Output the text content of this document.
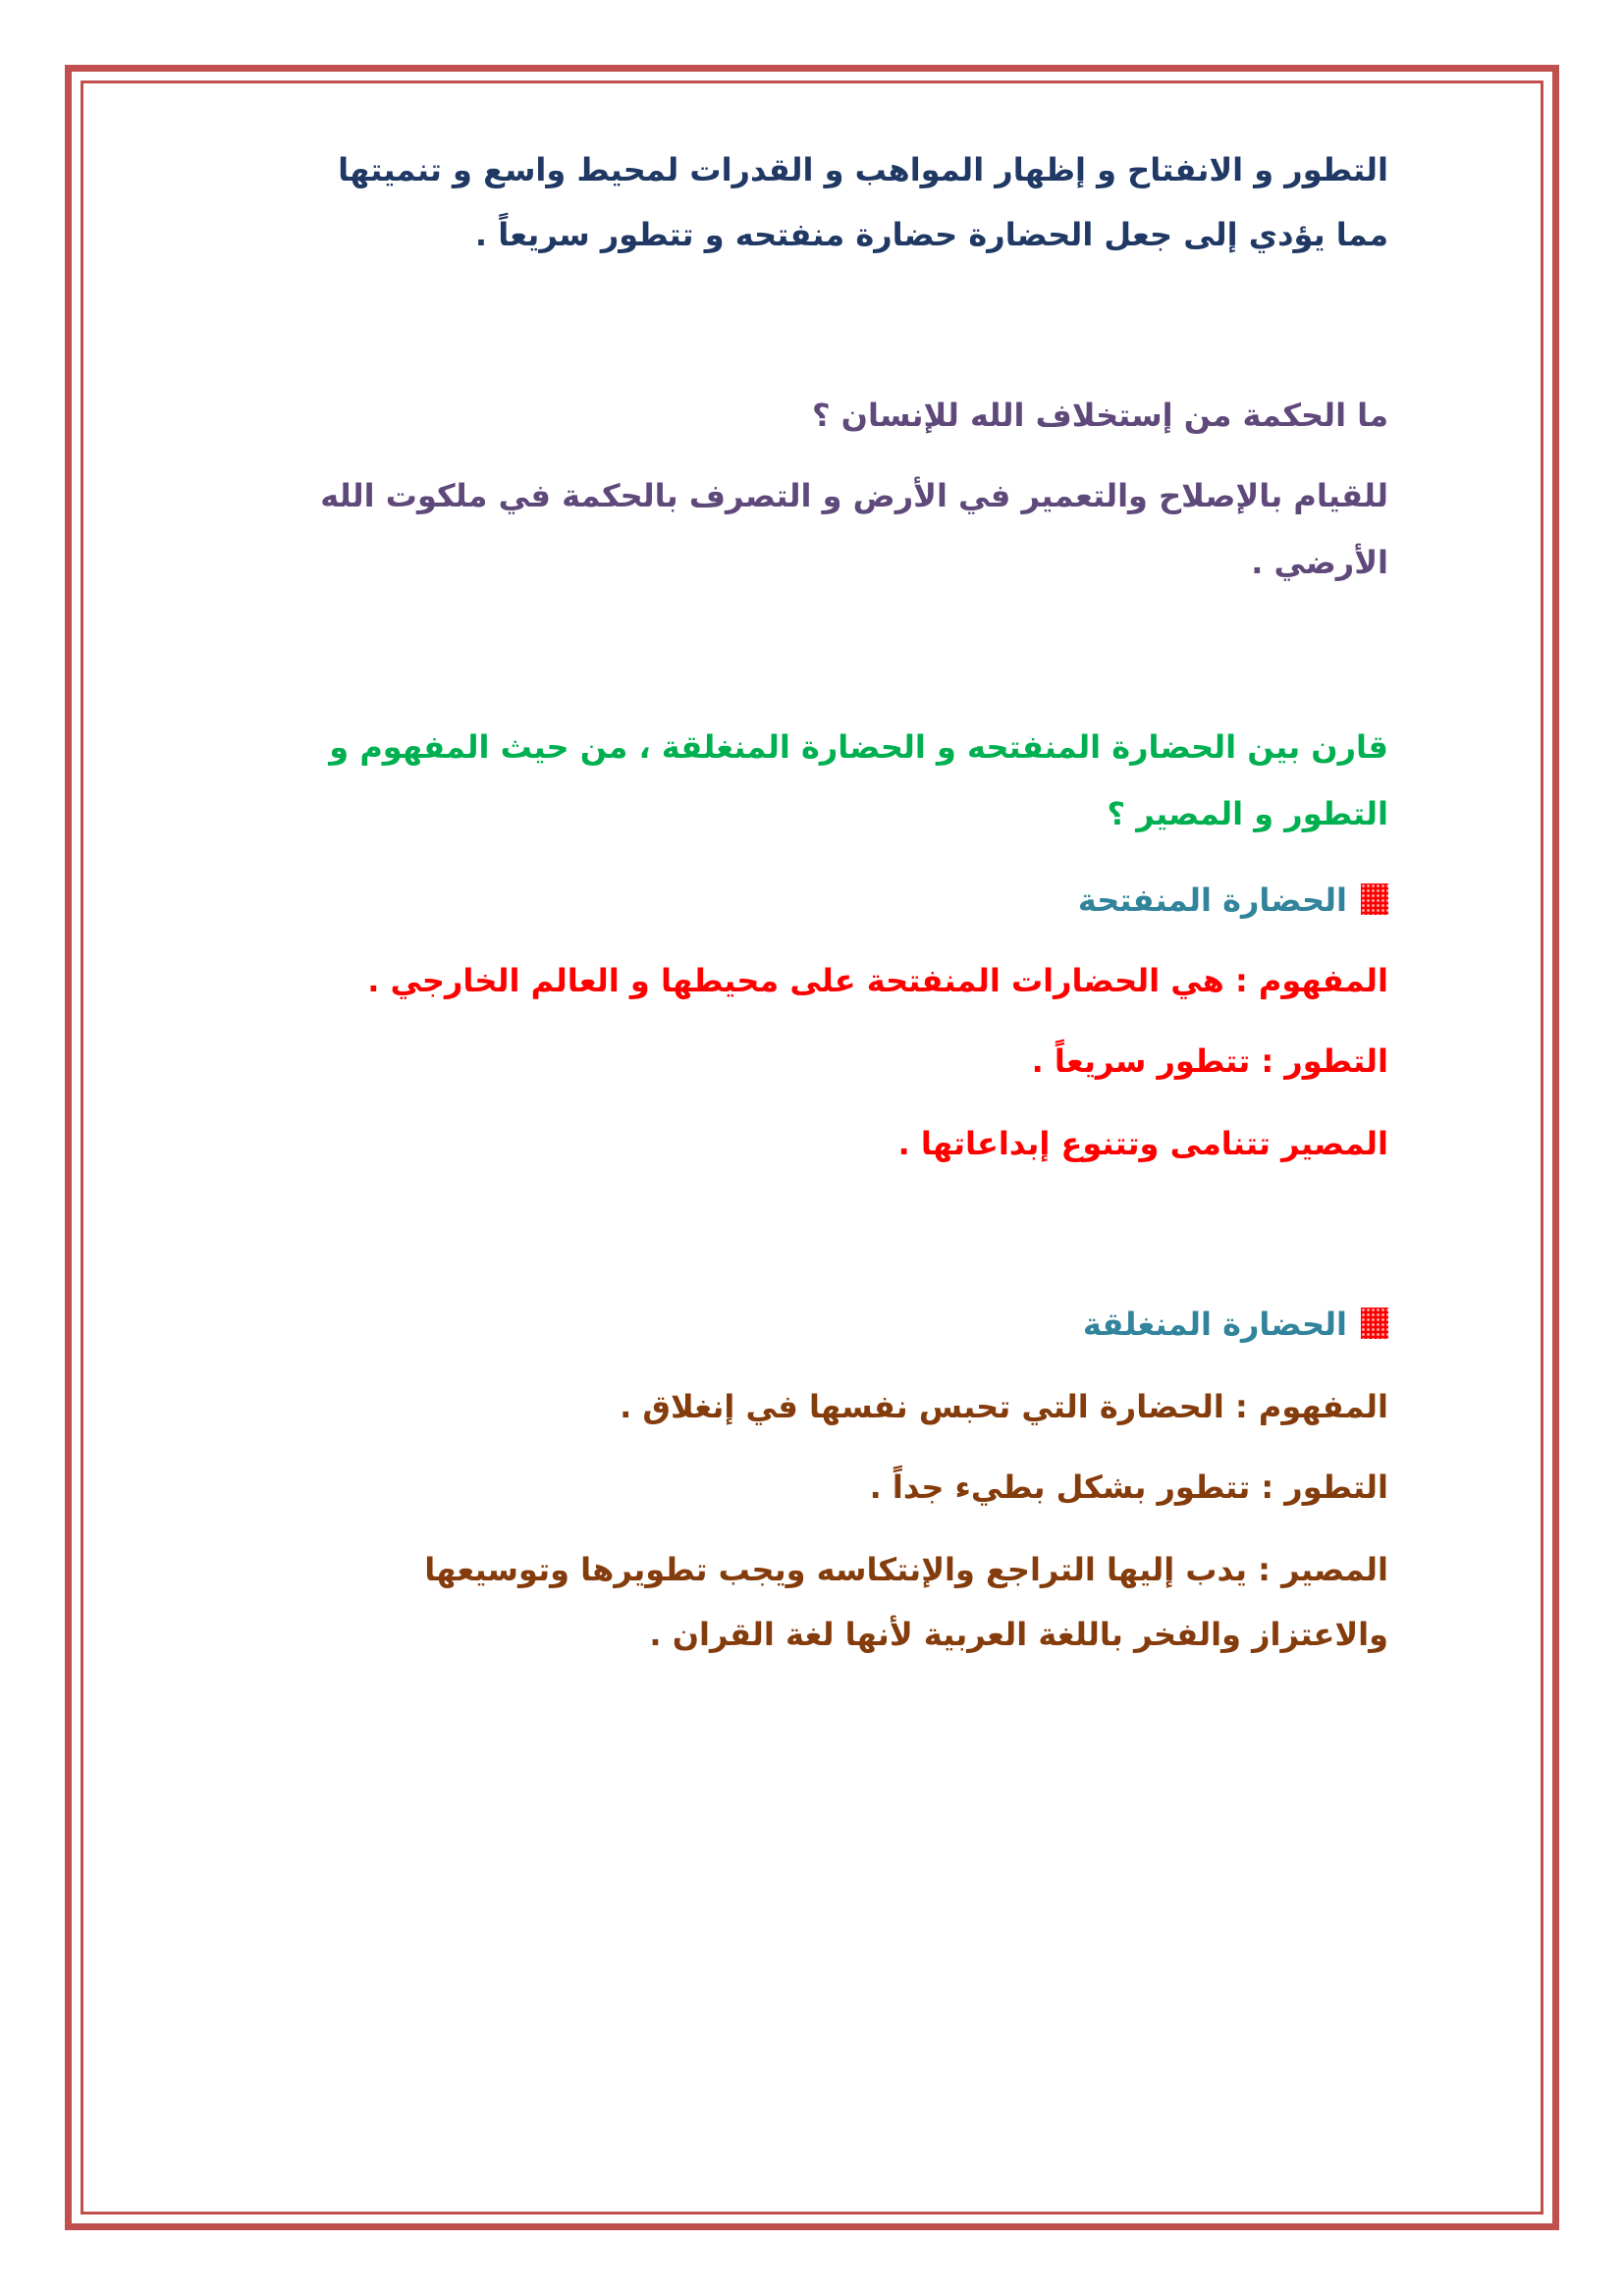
التطور و الانفتاح و إظهار المواهب و القدرات لمحيط واسع و تنميتها

مما يؤدي إلى جعل الحضارة حضارة منفتحه و تتطور سريعاً .

ما الحكمة من إستخلاف الله للإنسان ؟

للقيام بالإصلاح والتعمير في الأرض و التصرف بالحكمة في ملكوت الله

الأرضي .

قارن بين الحضارة المنفتحه و الحضارة المنغلقة ، من حيث المفهوم و

التطور و المصير ؟

الحضارة المنفتحة

المفهوم : هي الحضارات المنفتحة على محيطها و العالم الخارجي .

التطور : تتطور سريعاً .

المصير تتنامى وتتنوع إبداعاتها .

الحضارة المنغلقة

المفهوم : الحضارة التي تحبس نفسها في إنغلاق .

التطور : تتطور بشكل بطيء جداً .

المصير : يدب إليها التراجع والإنتكاسه ويجب تطويرها وتوسيعها

والاعتزاز والفخر باللغة العربية لأنها لغة القران .
